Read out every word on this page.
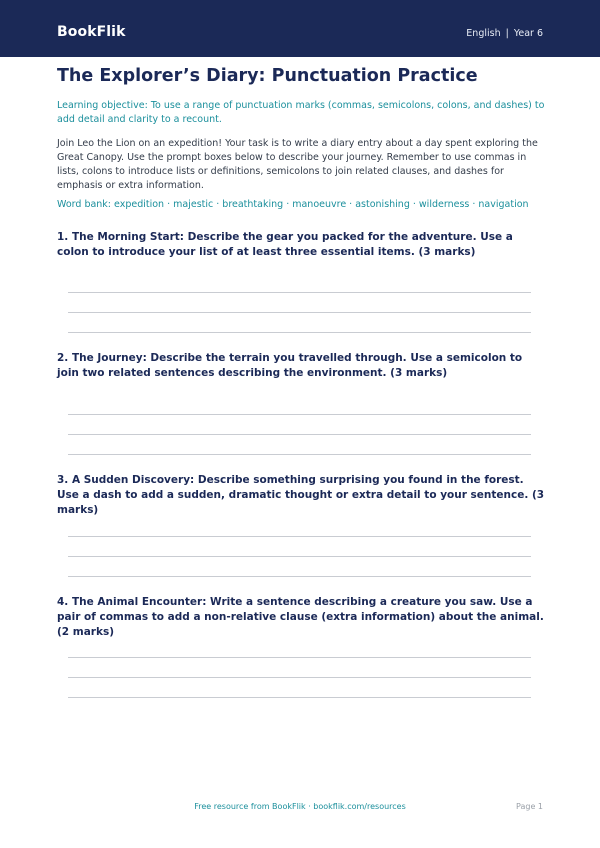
BookFlik	English | Year 6
The Explorer’s Diary: Punctuation Practice

Learning objective: To use a range of punctuation marks (commas, semicolons, colons, and dashes) to add detail and clarity to a recount.

Join Leo the Lion on an expedition! Your task is to write a diary entry about a day spent exploring the Great Canopy. Use the prompt boxes below to describe your journey. Remember to use commas in lists, colons to introduce lists or definitions, semicolons to join related clauses, and dashes for emphasis or extra information.

Word bank: expedition · majestic · breathtaking · manoeuvre · astonishing · wilderness · navigation

1. The Morning Start: Describe the gear you packed for the adventure. Use a colon to introduce your list of at least three essential items. (3 marks)

2. The Journey: Describe the terrain you travelled through. Use a semicolon to join two related sentences describing the environment. (3 marks)

3. A Sudden Discovery: Describe something surprising you found in the forest. Use a dash to add a sudden, dramatic thought or extra detail to your sentence. (3 marks)

4. The Animal Encounter: Write a sentence describing a creature you saw. Use a pair of commas to add a non-relative clause (extra information) about the animal. (2 marks)

Free resource from BookFlik · bookflik.com/resources	Page 1
